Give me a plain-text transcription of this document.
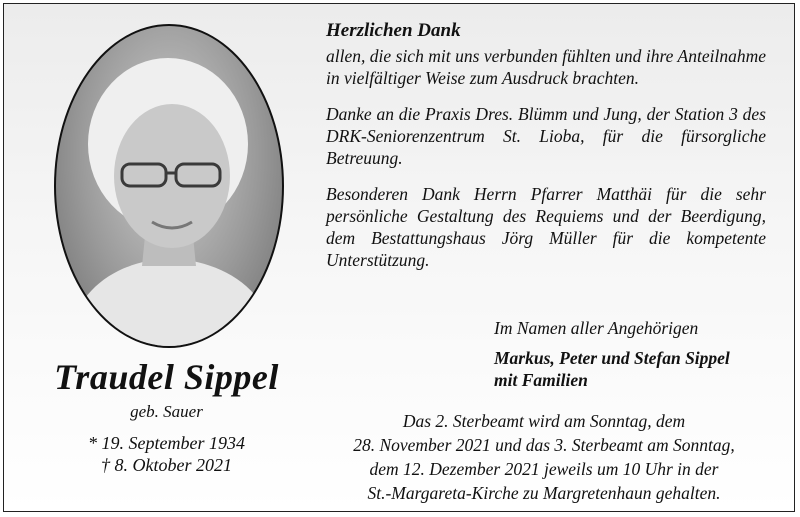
Traudel Sippel
geb. Sauer
* 19. September 1934
† 8. Oktober 2021
Herzlichen Dank
allen, die sich mit uns verbunden fühlten und ihre Anteilnahme in vielfältiger Weise zum Ausdruck brachten.
Danke an die Praxis Dres. Blümm und Jung, der Station 3 des DRK-Seniorenzentrum St. Lioba, für die fürsorgliche Betreuung.
Besonderen Dank Herrn Pfarrer Matthäi für die sehr persönliche Gestaltung des Requiems und der Beerdigung, dem Bestattungshaus Jörg Müller für die kompetente Unterstützung.
Im Namen aller Angehörigen
Markus, Peter und Stefan Sippel
mit Familien
Das 2. Sterbeamt wird am Sonntag, dem
28. November 2021 und das 3. Sterbeamt am Sonntag,
dem 12. Dezember 2021 jeweils um 10 Uhr in der
St.-Margareta-Kirche zu Margretenhaun gehalten.
